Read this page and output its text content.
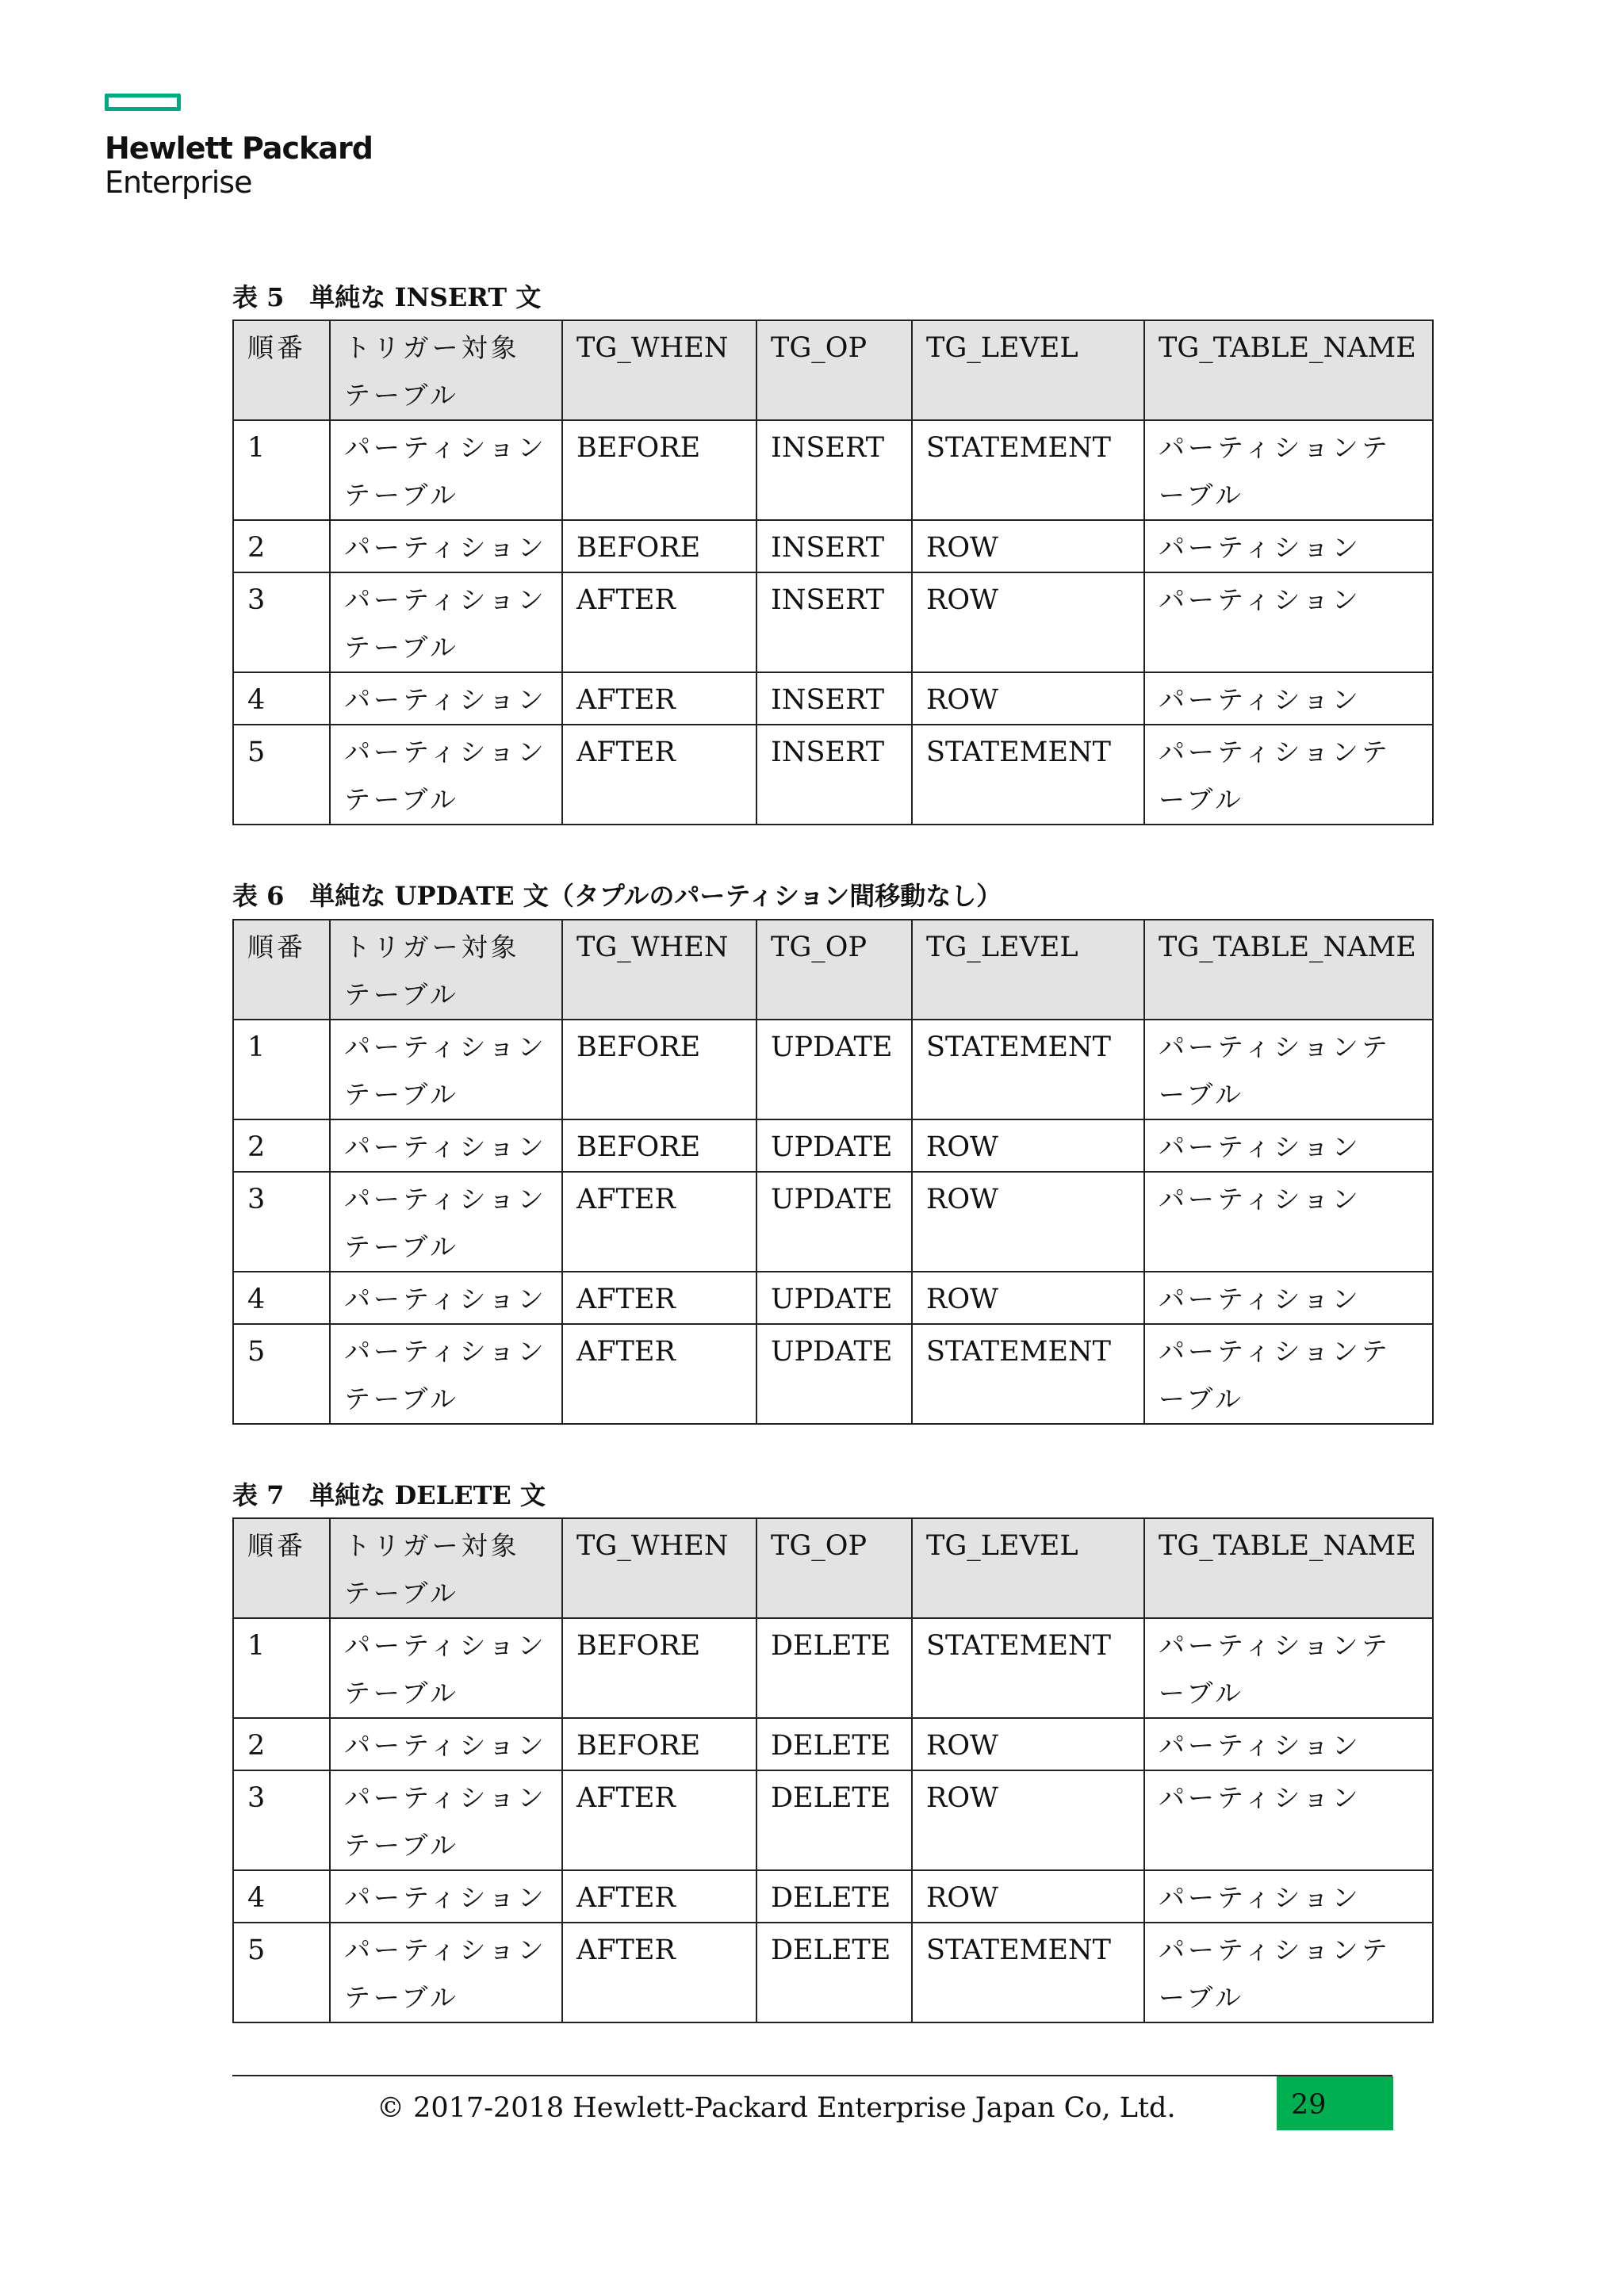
Hewlett Packard
Enterprise
表 5　単純な INSERT 文
順番	トリガー対象テーブル	TG_WHEN	TG_OP	TG_LEVEL	TG_TABLE_NAME
1	パーティションテーブル	BEFORE	INSERT	STATEMENT	パーティションテーブル
2	パーティション	BEFORE	INSERT	ROW	パーティション
3	パーティションテーブル	AFTER	INSERT	ROW	パーティション
4	パーティション	AFTER	INSERT	ROW	パーティション
5	パーティションテーブル	AFTER	INSERT	STATEMENT	パーティションテーブル
表 6　単純な UPDATE 文（タプルのパーティション間移動なし）
順番	トリガー対象テーブル	TG_WHEN	TG_OP	TG_LEVEL	TG_TABLE_NAME
1	パーティションテーブル	BEFORE	UPDATE	STATEMENT	パーティションテーブル
2	パーティション	BEFORE	UPDATE	ROW	パーティション
3	パーティションテーブル	AFTER	UPDATE	ROW	パーティション
4	パーティション	AFTER	UPDATE	ROW	パーティション
5	パーティションテーブル	AFTER	UPDATE	STATEMENT	パーティションテーブル
表 7　単純な DELETE 文
順番	トリガー対象テーブル	TG_WHEN	TG_OP	TG_LEVEL	TG_TABLE_NAME
1	パーティションテーブル	BEFORE	DELETE	STATEMENT	パーティションテーブル
2	パーティション	BEFORE	DELETE	ROW	パーティション
3	パーティションテーブル	AFTER	DELETE	ROW	パーティション
4	パーティション	AFTER	DELETE	ROW	パーティション
5	パーティションテーブル	AFTER	DELETE	STATEMENT	パーティションテーブル
© 2017-2018 Hewlett-Packard Enterprise Japan Co, Ltd.	29
